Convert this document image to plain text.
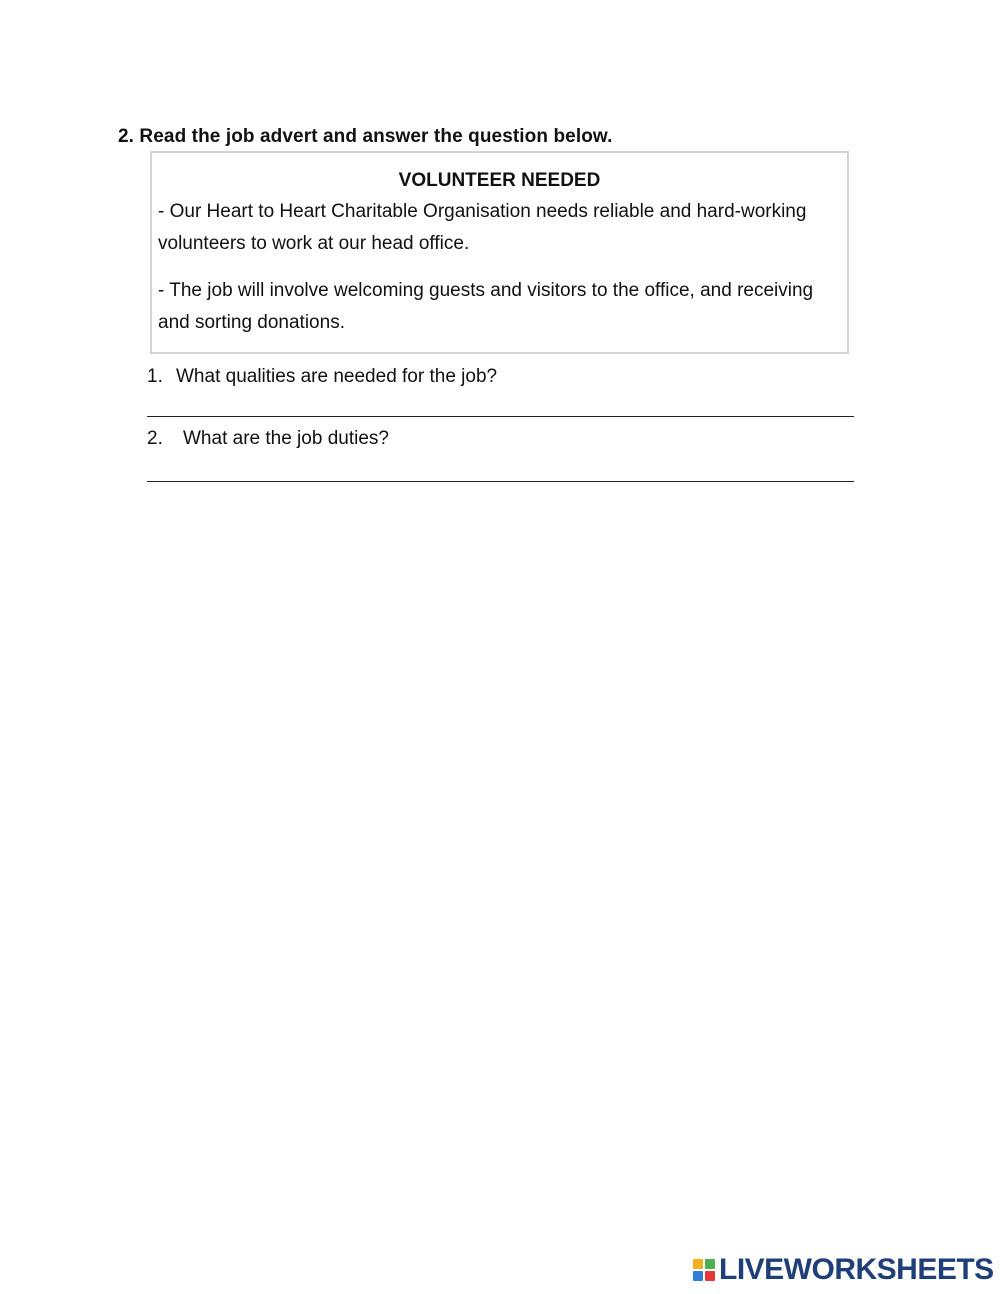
2. Read the job advert and answer the question below.
VOLUNTEER NEEDED
- Our Heart to Heart Charitable Organisation needs reliable and hard-working volunteers to work at our head office.
- The job will involve welcoming guests and visitors to the office, and receiving and sorting donations.
1. What qualities are needed for the job?
2. What are the job duties?
LIVEWORKSHEETS
